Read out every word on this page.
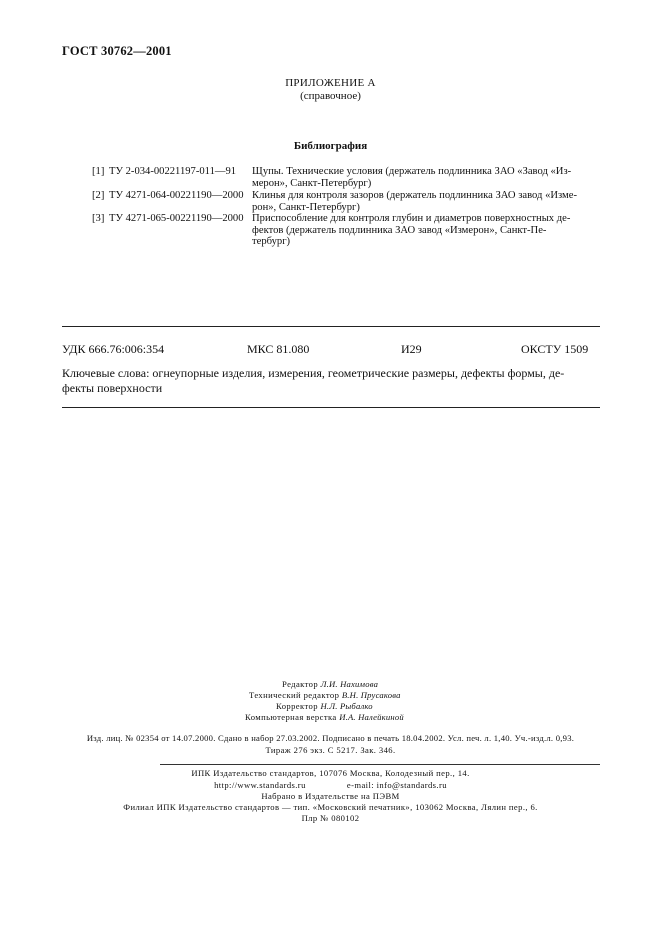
ГОСТ 30762—2001
ПРИЛОЖЕНИЕ А
(справочное)
Библиография
[1] ТУ 2-034-00221197-011—91 Щупы. Технические условия (держатель подлинника ЗАО «Завод «Из-
мерон», Санкт-Петербург)
[2] ТУ 4271-064-00221190—2000 Клинья для контроля зазоров (держатель подлинника ЗАО завод «Измe-
рон», Санкт-Петербург)
[3] ТУ 4271-065-00221190—2000 Приспособление для контроля глубин и диаметров поверхностных де-
фектов (держатель подлинника ЗАО завод «Измерон», Санкт-Пе-
тербург)
УДК 666.76:006:354	МКС 81.080	И29	ОКСТУ 1509
Ключевые слова: огнеупорные изделия, измерения, геометрические размеры, дефекты формы, де-
фекты поверхности
Редактор Л.И. Нахимова
Технический редактор В.Н. Прусакова
Корректор Н.Л. Рыбалко
Компьютерная верстка И.А. Налейкиной
Изд. лиц. № 02354 от 14.07.2000. Сдано в набор 27.03.2002. Подписано в печать 18.04.2002. Усл. печ. л. 1,40. Уч.-изд.л. 0,93.
Тираж 276 экз. С 5217. Зак. 346.
ИПК Издательство стандартов, 107076 Москва, Колодезный пер., 14.
http://www.standards.ru	e-mail: info@standards.ru
Набрано в Издательстве на ПЭВМ
Филиал ИПК Издательство стандартов — тип. «Московский печатник», 103062 Москва, Лялин пер., 6.
Плр № 080102
